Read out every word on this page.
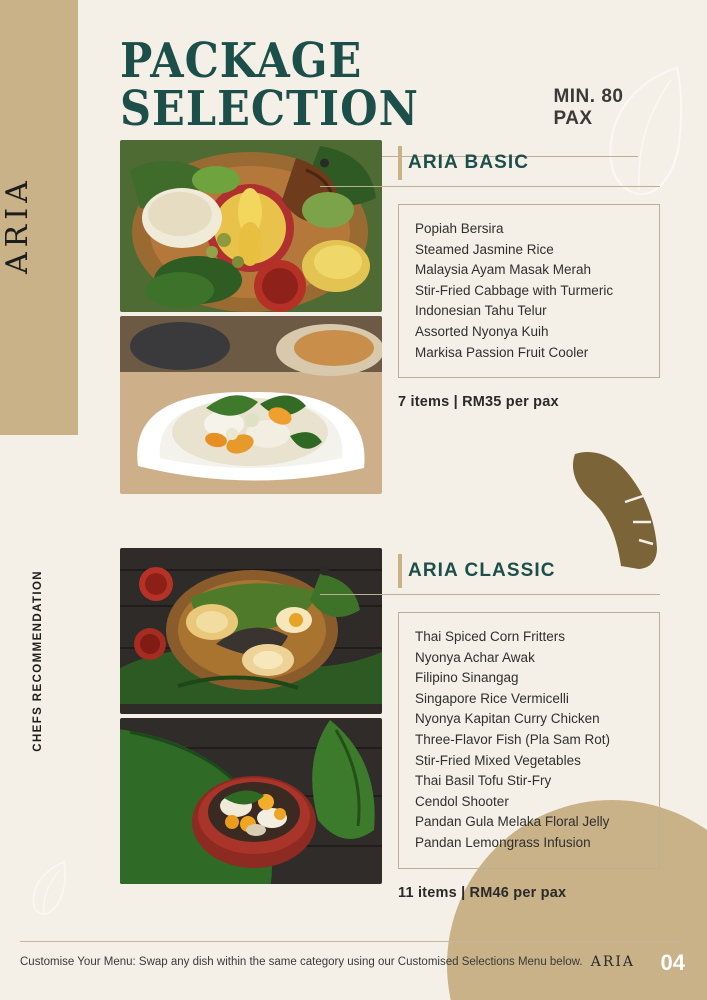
ARIA
CHEFS RECOMMENDATION
PACKAGE SELECTION	MIN. 80 PAX
ARIA BASIC
Popiah Bersira
Steamed Jasmine Rice
Malaysia Ayam Masak Merah
Stir-Fried Cabbage with Turmeric
Indonesian Tahu Telur
Assorted Nyonya Kuih
Markisa Passion Fruit Cooler
7 items | RM35 per pax
ARIA CLASSIC
Thai Spiced Corn Fritters
Nyonya Achar Awak
Filipino Sinangag
Singapore Rice Vermicelli
Nyonya Kapitan Curry Chicken
Three-Flavor Fish (Pla Sam Rot)
Stir-Fried Mixed Vegetables
Thai Basil Tofu Stir-Fry
Cendol Shooter
Pandan Gula Melaka Floral Jelly
Pandan Lemongrass Infusion
11 items | RM46 per pax
Customise Your Menu: Swap any dish within the same category using our Customised Selections Menu below. ARIA 04
